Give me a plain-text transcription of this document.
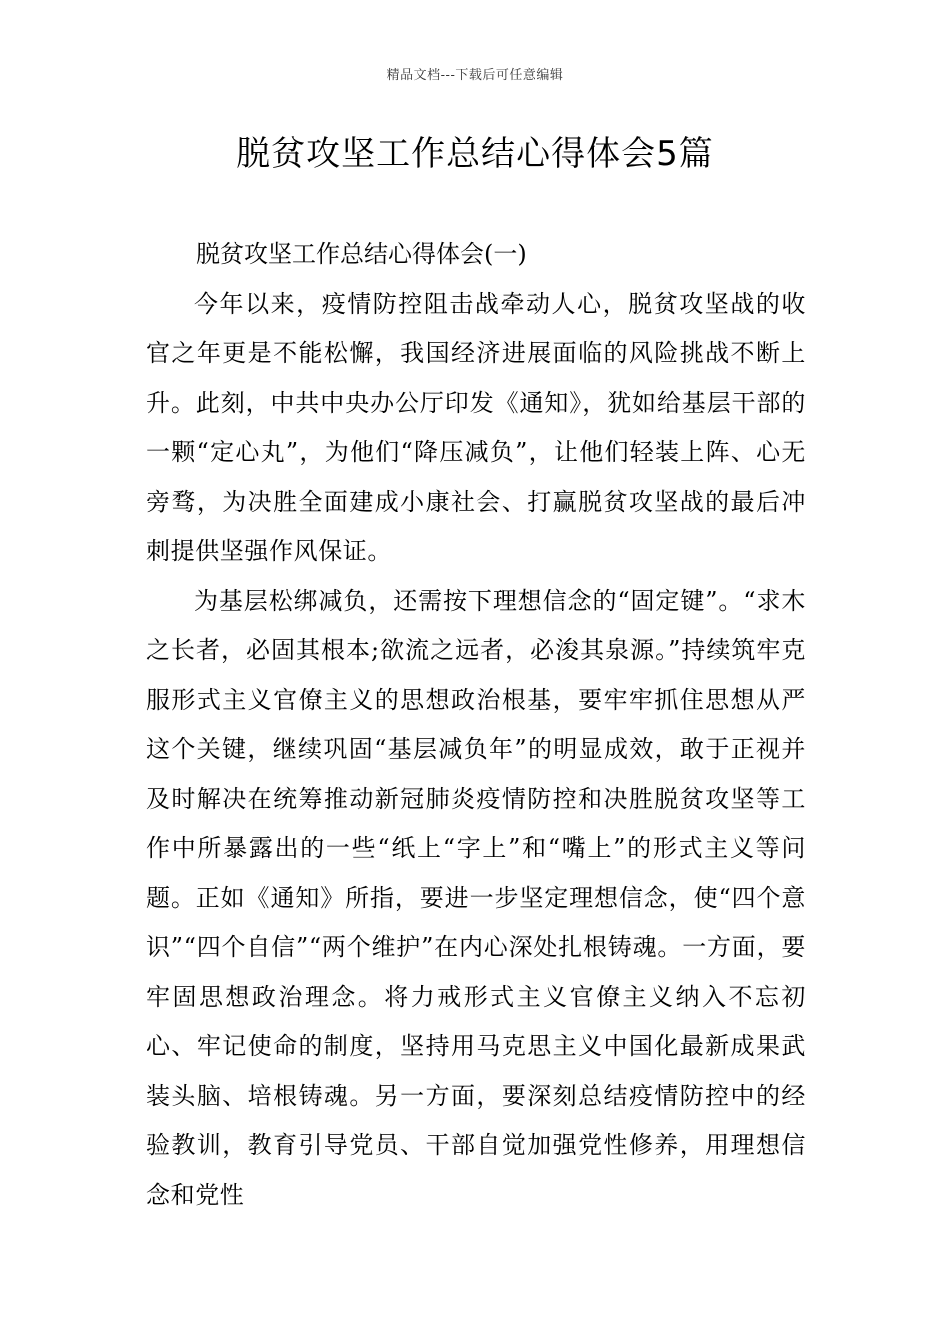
精品文档---下载后可任意编辑
脱贫攻坚工作总结心得体会5篇

脱贫攻坚工作总结心得体会(一)

今年以来，疫情防控阻击战牵动人心，脱贫攻坚战的收官之年更是不能松懈，我国经济进展面临的风险挑战不断上升。此刻，中共中央办公厅印发《通知》，犹如给基层干部的一颗“定心丸”，为他们“降压减负”，让他们轻装上阵、心无旁骛，为决胜全面建成小康社会、打赢脱贫攻坚战的最后冲刺提供坚强作风保证。

为基层松绑减负，还需按下理想信念的“固定键”。“求木之长者，必固其根本;欲流之远者，必浚其泉源。”持续筑牢克服形式主义官僚主义的思想政治根基，要牢牢抓住思想从严这个关键，继续巩固“基层减负年”的明显成效，敢于正视并及时解决在统筹推动新冠肺炎疫情防控和决胜脱贫攻坚等工作中所暴露出的一些“纸上“字上”和“嘴上”的形式主义等问题。正如《通知》所指，要进一步坚定理想信念，使“四个意识”“四个自信”“两个维护”在内心深处扎根铸魂。一方面，要牢固思想政治理念。将力戒形式主义官僚主义纳入不忘初心、牢记使命的制度，坚持用马克思主义中国化最新成果武装头脑、培根铸魂。另一方面，要深刻总结疫情防控中的经验教训，教育引导党员、干部自觉加强党性修养，用理想信念和党性
